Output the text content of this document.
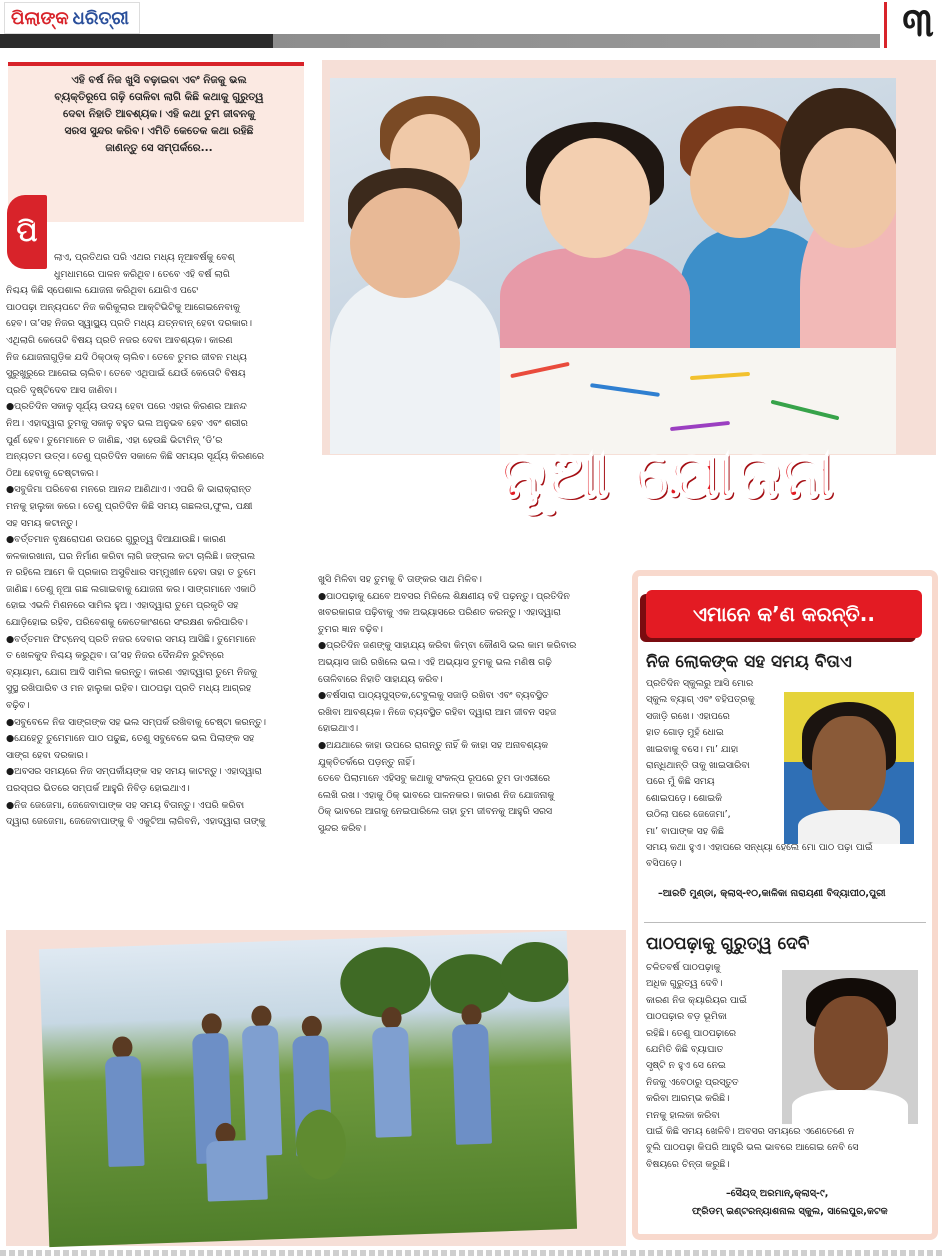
ପିଲାଙ୍କ ଧରିତ୍ରୀ	୩
ଏହି ବର୍ଷ ନିଜ ଖୁସି ବଢ଼ାଇବା ଏବଂ ନିଜକୁ ଭଲ
ବ୍ୟକ୍ତିରୂପେ ଗଢ଼ି ତୋଳିବା ଲାଗି କିଛି କଥାକୁ ଗୁରୁତ୍ୱ
ଦେବା ନିହାତି ଆବଶ୍ୟକ। ଏହି କଥା ତୁମ ଜୀବନକୁ
ସରସ ସୁନ୍ଦର କରିବ। ଏମିତି କେତେକ କଥା ରହିଛି
ଜାଣନ୍ତୁ ସେ ସମ୍ପର୍କରେ...
ନୂଆ ଯୋଜନା
ପି
ଲାଏ, ପ୍ରତିଥର ପରି ଏଥର ମଧ୍ୟ ନୂଆବର୍ଷକୁ ବେଶ୍
ଧୁମଧାମରେ ପାଳନ କରିଥିବ। ତେବେ ଏହି ବର୍ଷ ଲାଗି
ନିଶ୍ଚୟ କିଛି ସ୍ପେଶାଲ ଯୋଜନା କରିଥିବା ଯୋଗିଏ ପଟେ
ପାଠପଢ଼ା ଅନ୍ୟପଟେ ନିଜ କରିକୁଲାର ଆକ୍ଟିଭିଟିକୁ ଆଗେଇନେବାକୁ
ହେବ। ତା’ସହ ନିଜର ସ୍ୱାସ୍ଥ୍ୟ ପ୍ରତି ମଧ୍ୟ ଯତ୍ନବାନ୍ ହେବା ଦରକାର।
ଏଥିଲାଗି କେତୋଟି ବିଷୟ ପ୍ରତି ନଜର ଦେବା ଆବଶ୍ୟକ। କାରଣ
ନିଜ ଯୋଜନାଗୁଡ଼ିକ ଯଦି ଠିକ୍‌ଠାକ୍ ଚାଲିବ। ତେବେ ତୁମର ଜୀବନ ମଧ୍ୟ
ସୁରୁଖୁରୁରେ ଆଗେଇ ଚାଲିବ। ତେବେ ଏଥିପାଇଁ ଯେଉଁ କେତୋଟି ବିଷୟ
ପ୍ରତି ଦୃଷ୍ଟିଦେବ ଆସ ଜାଣିବା।
●ପ୍ରତିଦିନ ସକାଳୁ ସୂର୍ଯ୍ୟ ଉଦୟ ହେବା ପରେ ଏହାର କିରଣର ଆନନ୍ଦ
ନିଅ। ଏହାଦ୍ୱାରା ତୁମକୁ ସକାଳୁ ବହୁତ ଭଲ ଅନୁଭବ ହେବ ଏବଂ ଶରୀର
ପୁର୍ଣ ହେବ। ତୁମେମାନେ ତ ଜାଣିଛ, ଏହା ହେଉଛି ଭିଟାମିନ୍ ‘ଡି’ର
ଅନ୍ୟତମ ଉତ୍ସ। ତେଣୁ ପ୍ରତିଦିନ ସକାଳେ କିଛି ସମୟର ସୂର୍ଯ୍ୟ କିରଣରେ
ଠିଆ ହେବାକୁ ଚେଷ୍ଟାକର।
●ସବୁଜିମା ପରିବେଶ ମନରେ ଆନନ୍ଦ ଆଣିଥାଏ। ଏପରି କି ଭାରାକ୍ରାନ୍ତ
ମନକୁ ହାଲୁକା କରେ। ତେଣୁ ପ୍ରତିଦିନ କିଛି ସମୟ ଗଛଲତା,ଫୁଲ, ପକ୍ଷୀ
ସହ ସମୟ କଟାନ୍ତୁ।
●ବର୍ତ୍ତମାନ ବୃକ୍ଷରୋପଣ ଉପରେ ଗୁରୁତ୍ୱ ଦିଆଯାଉଛି। କାରଣ
କଳକାରଖାନା, ଘର ନିର୍ମାଣ କରିବା ଲାଗି ଜଙ୍ଗଲ କଟା ଚାଲିଛି। ଜଙ୍ଗଲ
ନ ରହିଲେ ଆମେ କି ପ୍ରକାର ଅସୁବିଧାର ସମ୍ମୁଖୀନ ହେବା ତାହା ତ ତୁମେ
ଜାଣିଛ। ତେଣୁ ନୂଆ ଗଛ ଲଗାଇବାକୁ ଯୋଜନା କର। ସାଙ୍ଗମାନେ ଏକାଠି
ହୋଇ ଏଭଳି ମିଶନରେ ସାମିଲ ହୁଅ। ଏହାଦ୍ୱାରା ତୁମେ ପ୍ରକୃତି ସହ
ଯୋଡ଼ିହୋଇ ରହିବ, ପରିବେଶକୁ କେତେକାଂଶରେ ସଂରକ୍ଷଣ କରିପାରିବ।
●ବର୍ତ୍ତମାନ ଫିଟ୍‌ନେସ୍ ପ୍ରତି ନଜର ଦେବାର ସମୟ ଆସିଛି। ତୁମେମାନେ
ତ ଖେଳକୁଦ ନିଶ୍ଚୟ କରୁଥିବ। ତା’ସହ ନିଜର ଦୈନନ୍ଦିନ ରୁଟିନ୍‌ରେ
ବ୍ୟାୟାମ, ଯୋଗ ଆଦି ସାମିଲ କରନ୍ତୁ। କାରଣ ଏହାଦ୍ୱାରା ତୁମେ ନିଜକୁ
ସୁସ୍ଥ ରଖିପାରିବ ଓ ମନ ହାଲୁକା ରହିବ। ପାଠପଢ଼ା ପ୍ରତି ମଧ୍ୟ ଆଗ୍ରହ
ବଢ଼ିବ।
●ସବୁବେଳେ ନିଜ ସାଙ୍ଗଙ୍କ ସହ ଭଲ ସମ୍ପର୍କ ରଖିବାକୁ ଚେଷ୍ଟା କରନ୍ତୁ।
●ଯେହେତୁ ତୁମେମାନେ ପାଠ ପଢୁଛ, ତେଣୁ ସବୁବେଳେ ଭଲ ପିଲାଙ୍କ ସହ
ସାଙ୍ଗ ହେବା ଦରକାର।
●ଅବସର ସମୟରେ ନିଜ ସମ୍ପର୍କୀୟଙ୍କ ସହ ସମୟ କାଟନ୍ତୁ। ଏହାଦ୍ୱାରା
ପରସ୍ପର ଭିତରେ ସମ୍ପର୍କ ଆହୁରି ନିବିଡ଼ ହୋଇଥାଏ।
●ନିଜ ଜେଜେମା, ଜେଜେବାପାଙ୍କ ସହ ସମୟ ବିତାନ୍ତୁ। ଏପରି କରିବା
ଦ୍ୱାରା ଜେଜେମା, ଜେଜେବାପାଙ୍କୁ ବି ଏକୁଟିଆ ଲାଗିବନି, ଏହାଦ୍ୱାରା ତାଙ୍କୁ
ଖୁସି ମିଳିବା ସହ ତୁମକୁ ବି ତାଙ୍କର ସାଥ ମିଳିବ।
●ପାଠପଢ଼ାକୁ ଯେବେ ଅବସର ମିଳିଲେ ଶିକ୍ଷଣୀୟ ବହି ପଢ଼ନ୍ତୁ। ପ୍ରତିଦିନ
ଖବରକାଗଜ ପଢ଼ିବାକୁ ଏକ ଅଭ୍ୟାସରେ ପରିଣତ କରନ୍ତୁ। ଏହାଦ୍ୱାରା
ତୁମର ଜ୍ଞାନ ବଢ଼ିବ।
●ପ୍ରତିଦିନ ଜଣଙ୍କୁ ସାହାଯ୍ୟ କରିବା କିମ୍ବା କୌଣସି ଭଲ କାମ କରିବାର
ଅଭ୍ୟାସ ଜାରି ରଖିଲେ ଭଲ। ଏହି ଅଭ୍ୟାସ ତୁମକୁ ଭଲ ମଣିଷ ଗଢ଼ି
ତୋଳିବାରେ ନିହାତି ସାହାଯ୍ୟ କରିବ।
●ବର୍ଷସାରା ପାଠ୍ୟପୁସ୍ତକ,ଟେବୁଲକୁ ସଜାଡ଼ି ରଖିବା ଏବଂ ବ୍ୟବସ୍ଥିତ
ରଖିବା ଆବଶ୍ୟକ। ନିଜେ ବ୍ୟବସ୍ଥିତ ରହିବା ଦ୍ୱାରା ଆମ ଜୀବନ ସହଜ
ହୋଇଥାଏ।
●ଅଯଥାରେ କାହା ଉପରେ ରାଗନ୍ତୁ ନାହିଁ କି କାହା ସହ ଅନାବଶ୍ୟକ
ଯୁକ୍ତିତର୍କରେ ପଡ଼ନ୍ତୁ ନାହିଁ।
ତେବେ ପିଲାମାନେ ଏହିସବୁ କଥାକୁ ସଂକଳ୍ପ ରୂପରେ ତୁମ ଡାଏରୀରେ
ଲେଖି ରଖ। ଏହାକୁ ଠିକ୍ ଭାବରେ ପାଳନକର। କାରଣ ନିଜ ଯୋଜନାକୁ
ଠିକ୍ ଭାବରେ ଆଗକୁ ନେଇପାରିଲେ ତାହା ତୁମ ଜୀବନକୁ ଆହୁରି ସରସ
ସୁନ୍ଦର କରିବ।
ଏମାନେ କ’ଣ କରନ୍ତି..
ନିଜ ଲୋକଙ୍କ ସହ ସମୟ ବିତାଏ
ପ୍ରତିଦିନ ସ୍କୁଲରୁ ଆସି ମୋର
ସ୍କୁଲ ବ୍ୟାଗ୍ ଏବଂ ବହିପତ୍ରକୁ
ସଜାଡ଼ି ରଖେ। ଏହାପରେ
ହାତ ଗୋଡ଼ ମୁହଁ ଧୋଇ
ଖାଇବାକୁ ବସେ। ମା’ ଯାହା
ରାନ୍ଧିଥାନ୍ତି ତାକୁ ଖାଇସାରିବା
ପରେ ମୁଁ କିଛି ସମୟ
ଶୋଇପଡ଼େ। ଶୋଇକି
ଉଠିଲା ପରେ ଜେଜେମା’,
ମା’ ବାପାଙ୍କ ସହ କିଛି
ସମୟ କଥା ହୁଏ। ଏହାପରେ ସନ୍ଧ୍ୟା ହେଲେ ମୋ ପାଠ ପଢ଼ା ପାଇଁ
ବସିପଡ଼େ।
–ଆରତି ମୁଣ୍ଡା, କ୍ଲାସ୍-୧୦,କାଳିକା ନାରାୟଣୀ ବିଦ୍ୟାପୀଠ,ପୁରୀ
ପାଠପଢ଼ାକୁ ଗୁରୁତ୍ୱ ଦେବି
ଚଳିତବର୍ଷ ପାଠପଢ଼ାକୁ
ଅଧିକ ଗୁରୁତ୍ୱ ଦେବି।
କାରଣ ନିଜ କ୍ୟାରିୟର ପାଇଁ
ପାଠପଢ଼ାର ବଡ଼ ଭୂମିକା
ରହିଛି। ତେଣୁ ପାଠପଢ଼ାରେ
ଯେମିତି କିଛି ବ୍ୟାଘାତ
ସୃଷ୍ଟି ନ ହୁଏ ସେ ନେଇ
ନିଜକୁ ଏବେଠାରୁ ପ୍ରସ୍ତୁତ
କରିବା ଆରମ୍ଭ କରିଛି।
ମନକୁ ହାଲକା କରିବା
ପାଇଁ କିଛି ସମୟ ଖେଳିବି। ଅବସର ସମୟରେ ଏଣେତେଣେ ନ
ବୁଲି ପାଠପଢ଼ା କିପରି ଆହୁରି ଭଲ ଭାବରେ ଆଗେଇ ନେବି ସେ
ବିଷୟରେ ଚିନ୍ତା କରୁଛି।
–ସୈୟଦ୍ ଅରମାନ୍,କ୍ଲାସ୍-୯,
ଫ୍ରିଡମ୍ ଇଣ୍ଟରନ୍ୟାଶନାଲ ସ୍କୁଲ, ସାଲେପୁର,କଟକ
